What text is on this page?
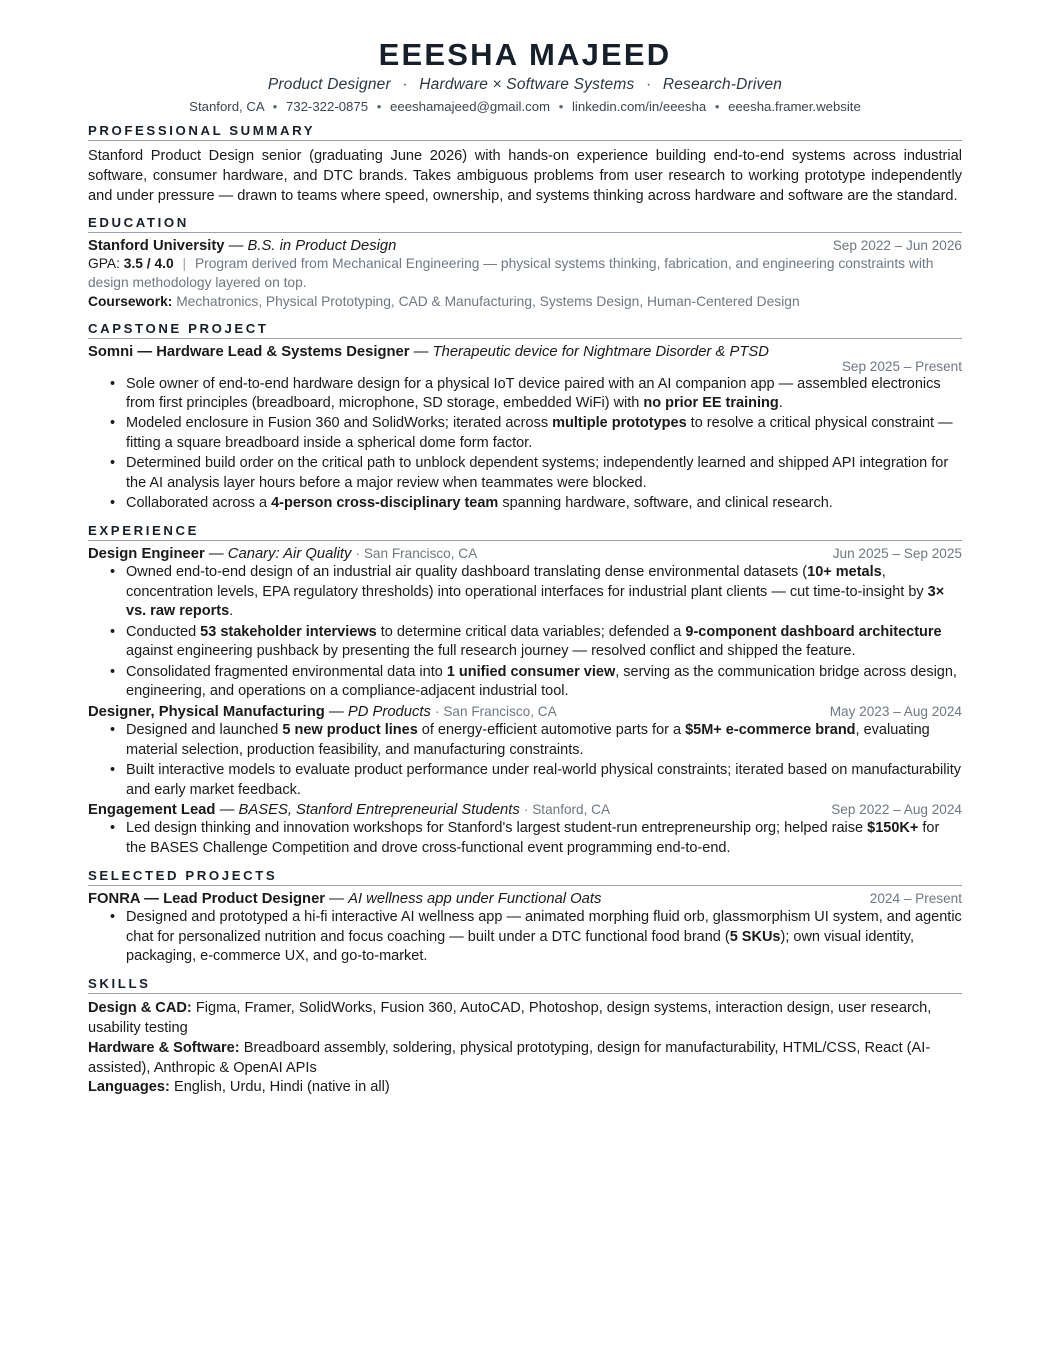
EEESHA MAJEED
Product Designer · Hardware × Software Systems · Research-Driven
Stanford, CA • 732-322-0875 • eeeshamajeed@gmail.com • linkedin.com/in/eeesha • eeesha.framer.website
PROFESSIONAL SUMMARY

Stanford Product Design senior (graduating June 2026) with hands-on experience building end-to-end systems across industrial software, consumer hardware, and DTC brands. Takes ambiguous problems from user research to working prototype independently and under pressure — drawn to teams where speed, ownership, and systems thinking across hardware and software are the standard.

EDUCATION
Stanford University — B.S. in Product Design	Sep 2022 – Jun 2026
GPA: 3.5 / 4.0 | Program derived from Mechanical Engineering — physical systems thinking, fabrication, and engineering constraints with design methodology layered on top.
Coursework: Mechatronics, Physical Prototyping, CAD & Manufacturing, Systems Design, Human-Centered Design
CAPSTONE PROJECT
Somni — Hardware Lead & Systems Designer — Therapeutic device for Nightmare Disorder & PTSD
Sep 2025 – Present
• Sole owner of end-to-end hardware design for a physical IoT device paired with an AI companion app — assembled electronics from first principles (breadboard, microphone, SD storage, embedded WiFi) with no prior EE training.
• Modeled enclosure in Fusion 360 and SolidWorks; iterated across multiple prototypes to resolve a critical physical constraint — fitting a square breadboard inside a spherical dome form factor.
• Determined build order on the critical path to unblock dependent systems; independently learned and shipped API integration for the AI analysis layer hours before a major review when teammates were blocked.
• Collaborated across a 4-person cross-disciplinary team spanning hardware, software, and clinical research.
EXPERIENCE
Design Engineer — Canary: Air Quality · San Francisco, CA	Jun 2025 – Sep 2025
• Owned end-to-end design of an industrial air quality dashboard translating dense environmental datasets (10+ metals, concentration levels, EPA regulatory thresholds) into operational interfaces for industrial plant clients — cut time-to-insight by 3× vs. raw reports.
• Conducted 53 stakeholder interviews to determine critical data variables; defended a 9-component dashboard architecture against engineering pushback by presenting the full research journey — resolved conflict and shipped the feature.
• Consolidated fragmented environmental data into 1 unified consumer view, serving as the communication bridge across design, engineering, and operations on a compliance-adjacent industrial tool.
Designer, Physical Manufacturing — PD Products · San Francisco, CA	May 2023 – Aug 2024
• Designed and launched 5 new product lines of energy-efficient automotive parts for a $5M+ e-commerce brand, evaluating material selection, production feasibility, and manufacturing constraints.
• Built interactive models to evaluate product performance under real-world physical constraints; iterated based on manufacturability and early market feedback.
Engagement Lead — BASES, Stanford Entrepreneurial Students · Stanford, CA	Sep 2022 – Aug 2024
• Led design thinking and innovation workshops for Stanford's largest student-run entrepreneurship org; helped raise $150K+ for the BASES Challenge Competition and drove cross-functional event programming end-to-end.
SELECTED PROJECTS
FONRA — Lead Product Designer — AI wellness app under Functional Oats	2024 – Present
• Designed and prototyped a hi-fi interactive AI wellness app — animated morphing fluid orb, glassmorphism UI system, and agentic chat for personalized nutrition and focus coaching — built under a DTC functional food brand (5 SKUs); own visual identity, packaging, e-commerce UX, and go-to-market.
SKILLS

Design & CAD: Figma, Framer, SolidWorks, Fusion 360, AutoCAD, Photoshop, design systems, interaction design, user research, usability testing

Hardware & Software: Breadboard assembly, soldering, physical prototyping, design for manufacturability, HTML/CSS, React (AI-assisted), Anthropic & OpenAI APIs

Languages: English, Urdu, Hindi (native in all)
